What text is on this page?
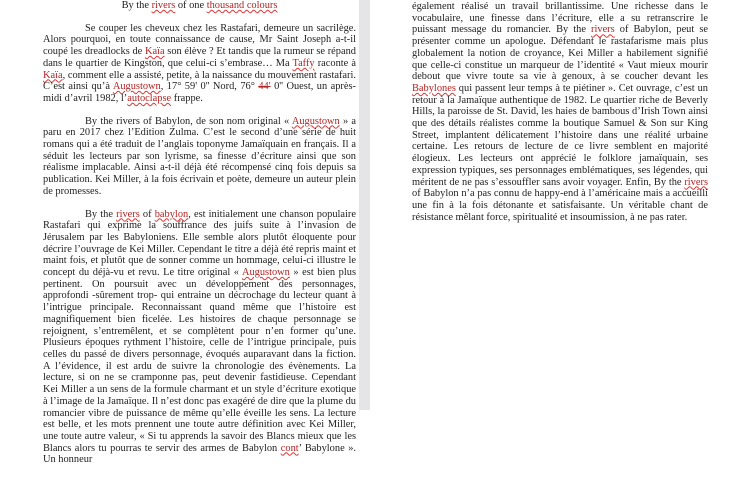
By the rivers of one thousand colours

Se couper les cheveux chez les Rastafari, demeure un sacrilège. Alors pourquoi, en toute connaissance de cause, Mr Saint Joseph a-t-il coupé les dreadlocks de Kaïa son élève ? Et tandis que la rumeur se répand dans le quartier de Kingston, que celui-ci s’embrase… Ma Taffy raconte à Kaïa, comment elle a assisté, petite, à la naissance du mouvement rastafari. C’est ainsi qu’à Augustown, 17° 59' 0'' Nord, 76° 44' 0'' Ouest, un après-midi d’avril 1982, l’autoclapse frappe.

By the rivers of Babylon, de son nom original « Augustown » a paru en 2017 chez l’Edition Zulma. C’est le second d’une série de huit romans qui a été traduit de l’anglais toponyme Jamaïquain en français. Il a séduit les lecteurs par son lyrisme, sa finesse d’écriture ainsi que son réalisme implacable. Ainsi a-t-il déjà été récompensé cinq fois depuis sa publication. Kei Miller, à la fois écrivain et poète, demeure un auteur plein de promesses.

By the rivers of babylon, est initialement une chanson populaire Rastafari qui exprime la souffrance des juifs suite à l’invasion de Jérusalem par les Babyloniens. Elle semble alors plutôt éloquente pour décrire l’ouvrage de Kei Miller. Cependant le titre a déjà été repris maint et maint fois, et plutôt que de sonner comme un hommage, celui-ci illustre le concept du déjà-vu et revu. Le titre original « Augustown » est bien plus pertinent. On poursuit avec un développement des personnages, approfondi -sûrement trop- qui entraine un décrochage du lecteur quant à l’intrigue principale. Reconnaissant quand même que l’histoire est magnifiquement bien ficelée. Les histoires de chaque personnage se rejoignent, s’entremêlent, et se complètent pour n’en former qu’une. Plusieurs époques rythment l’histoire, celle de l’intrigue principale, puis celles du passé de divers personnage, évoqués auparavant dans la fiction. A l’évidence, il est ardu de suivre la chronologie des évènements. La lecture, si on ne se cramponne pas, peut devenir fastidieuse. Cependant Kei Miller a un sens de la formule charmant et un style d’écriture exotique à l’image de la Jamaïque. Il n’est donc pas exagéré de dire que la plume du romancier vibre de puissance de même qu’elle éveille les sens. La lecture est belle, et les mots prennent une toute autre définition avec Kei Miller, une toute autre valeur, « Si tu apprends la savoir des Blancs mieux que les Blancs alors tu pourras te servir des armes de Babylon cont’ Babylone ». Un honneur

également réalisé un travail brillantissime. Une richesse dans le vocabulaire, une finesse dans l’écriture, elle a su retranscrire le puissant message du romancier. By the rivers of Babylon, peut se présenter comme un apologue. Défendant le rastafarisme mais plus globalement la notion de croyance, Kei Miller a habilement signifié que celle-ci constitue un marqueur de l’identité « Vaut mieux mourir debout que vivre toute sa vie à genoux, à se coucher devant les Babylones qui passent leur temps à te piétiner ». Cet ouvrage, c’est un retour à la Jamaïque authentique de 1982. Le quartier riche de Beverly Hills, la paroisse de St. David, les haies de bambous d’Irish Town ainsi que des détails réalistes comme la boutique Samuel & Son sur King Street, implantent délicatement l’histoire dans une réalité urbaine certaine. Les retours de lecture de ce livre semblent en majorité élogieux. Les lecteurs ont apprécié le folklore jamaïquain, ses expression typiques, ses personnages emblématiques, ses légendes, qui méritent de ne pas s’essouffler sans avoir voyager. Enfin, By the rivers of Babylon n’a pas connu de happy-end à l’américaine mais a accueilli une fin à la fois détonante et satisfaisante. Un véritable chant de résistance mêlant force, spiritualité et insoumission, à ne pas rater.
